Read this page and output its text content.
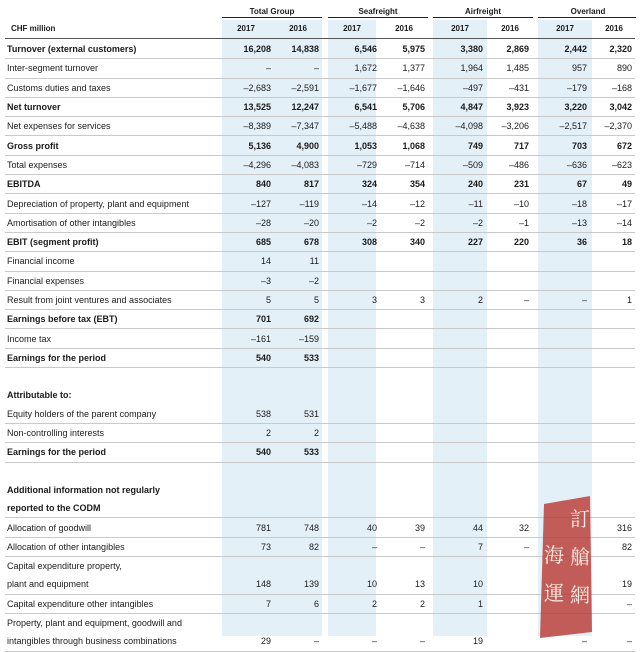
Total Group	Seafreight	Airfreight	Overland
CHF million	2017	2016	2017	2016	2017	2016	2017	2016
Turnover (external customers)	16,208	14,838	6,546	5,975	3,380	2,869	2,442	2,320
Inter-segment turnover	–	–	1,672	1,377	1,964	1,485	957	890
Customs duties and taxes	–2,683	–2,591	–1,677	–1,646	–497	–431	–179	–168
Net turnover	13,525	12,247	6,541	5,706	4,847	3,923	3,220	3,042
Net expenses for services	–8,389	–7,347	–5,488	–4,638	–4,098	–3,206	–2,517	–2,370
Gross profit	5,136	4,900	1,053	1,068	749	717	703	672
Total expenses	–4,296	–4,083	–729	–714	–509	–486	–636	–623
EBITDA	840	817	324	354	240	231	67	49
Depreciation of property, plant and equipment	–127	–119	–14	–12	–11	–10	–18	–17
Amortisation of other intangibles	–28	–20	–2	–2	–2	–1	–13	–14
EBIT (segment profit)	685	678	308	340	227	220	36	18
Financial income	14	11						
Financial expenses	–3	–2						
Result from joint ventures and associates	5	5	3	3	2	–	–	1
Earnings before tax (EBT)	701	692						
Income tax	–161	–159						
Earnings for the period	540	533						

Attributable to:								
Equity holders of the parent company	538	531						
Non-controlling interests	2	2						
Earnings for the period	540	533						

Additional information not regularly								
reported to the CODM								
Allocation of goodwill	781	748	40	39	44	32		316
Allocation of other intangibles	73	82	–	–	7	–		82
Capital expenditure property,								
plant and equipment	148	139	10	13	10			19
Capital expenditure other intangibles	7	6	2	2	1			–
Property, plant and equipment, goodwill and								
intangibles through business combinations	29	–	–	–	19		–	–
訂
艙
網
海
運
